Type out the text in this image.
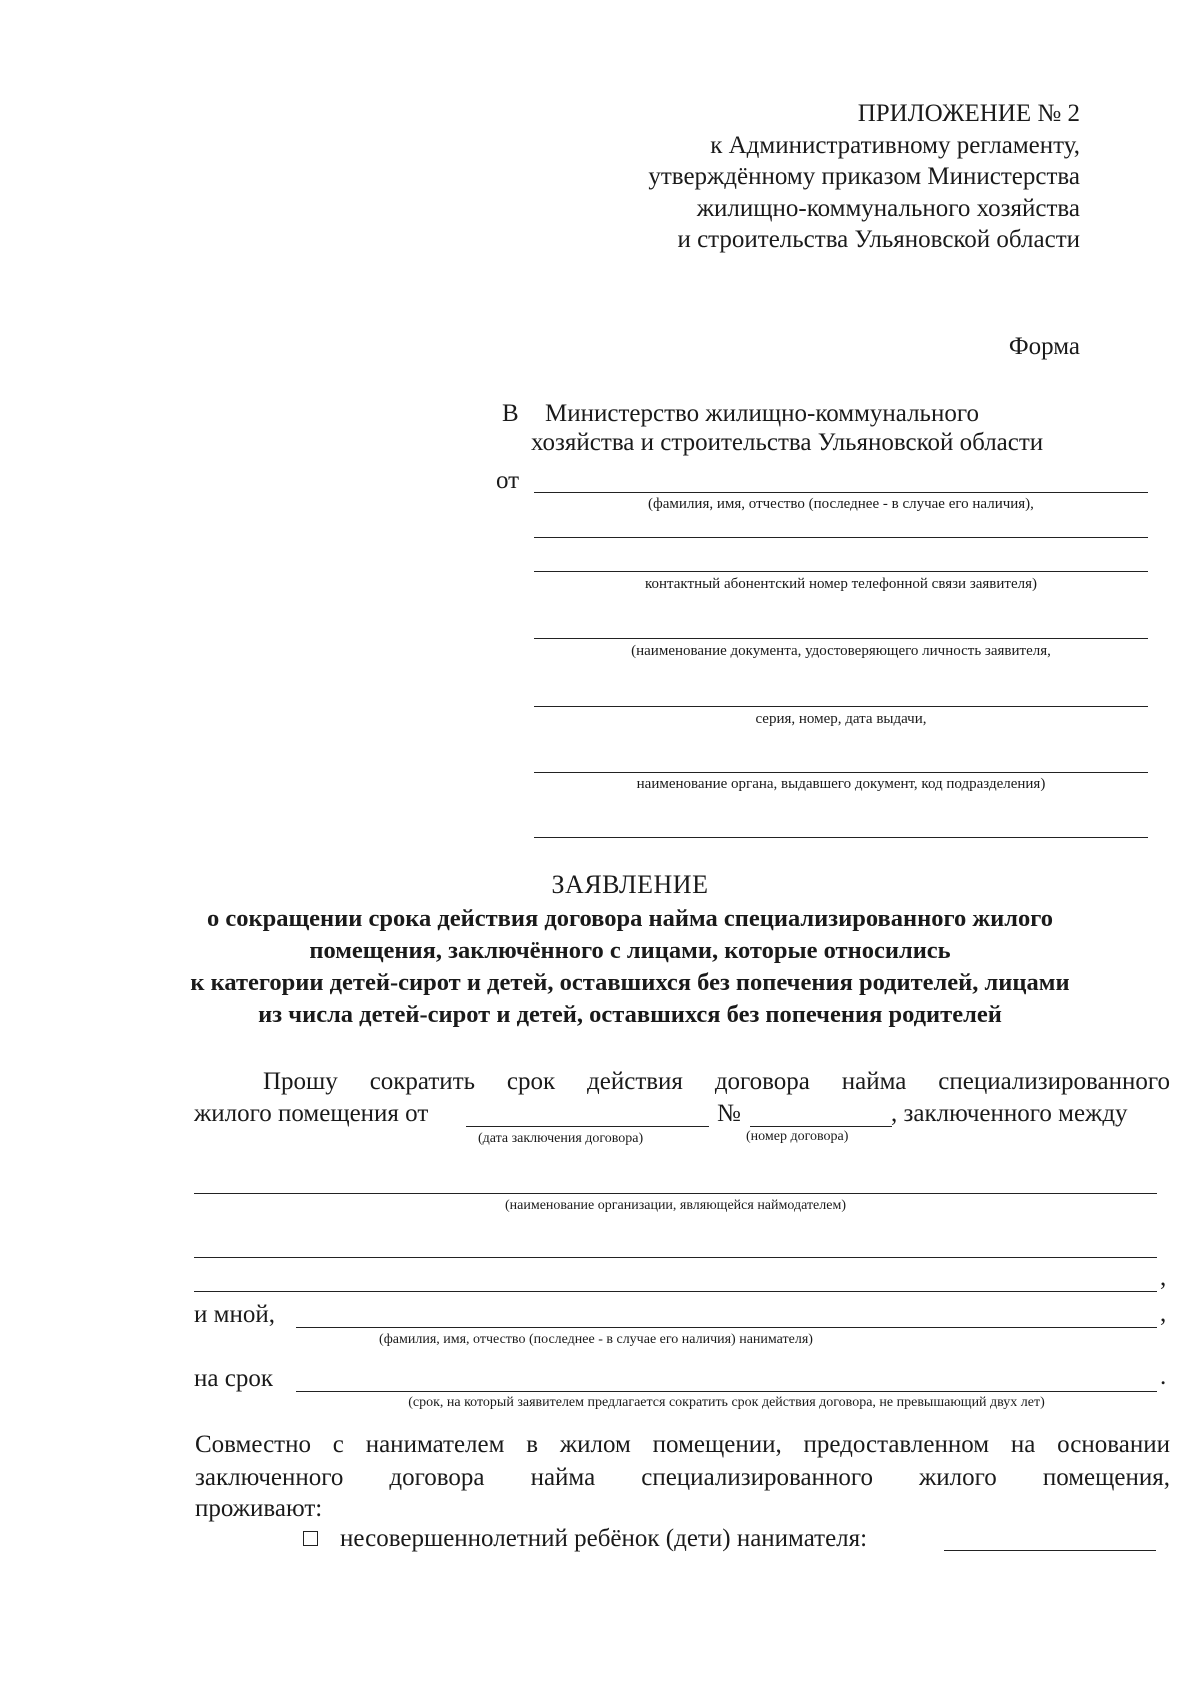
ПРИЛОЖЕНИЕ № 2
к Административному регламенту,
утверждённому приказом Министерства
жилищно-коммунального хозяйства
и строительства Ульяновской области
Форма
В Министерство жилищно-коммунального
хозяйства и строительства Ульяновской области
от
(фамилия, имя, отчество (последнее - в случае его наличия),
контактный абонентский номер телефонной связи заявителя)
(наименование документа, удостоверяющего личность заявителя,
серия, номер, дата выдачи,
наименование органа, выдавшего документ, код подразделения)
ЗАЯВЛЕНИЕ
о сокращении срока действия договора найма специализированного жилого
помещения, заключённого с лицами, которые относились
к категории детей-сирот и детей, оставшихся без попечения родителей, лицами
из числа детей-сирот и детей, оставшихся без попечения родителей
Прошу сократить срок действия договора найма специализированного
жилого помещения от	№	, заключенного между
(дата заключения договора)	(номер договора)
(наименование организации, являющейся наймодателем)
,
и мной,	,
(фамилия, имя, отчество (последнее - в случае его наличия) нанимателя)
на срок	.
(срок, на который заявителем предлагается сократить срок действия договора, не превышающий двух лет)
Совместно с нанимателем в жилом помещении, предоставленном на основании
заключенного договора найма специализированного жилого помещения,
проживают:
несовершеннолетний ребёнок (дети) нанимателя:
